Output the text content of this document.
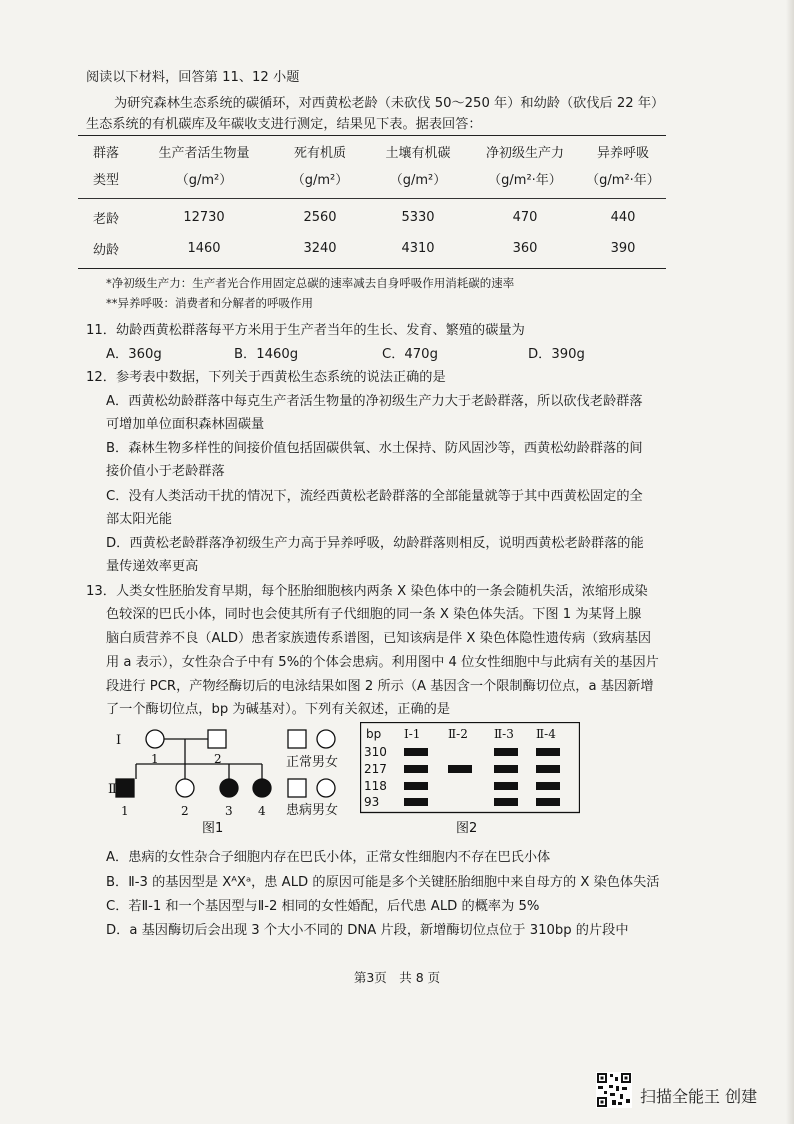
阅读以下材料，回答第 11、12 小题
为研究森林生态系统的碳循环，对西黄松老龄（未砍伐 50～250 年）和幼龄（砍伐后 22 年）
生态系统的有机碳库及年碳收支进行测定，结果见下表。据表回答：
群落	生产者活生物量	死有机质	土壤有机碳	净初级生产力	异养呼吸
类型	（g/m²）	（g/m²）	（g/m²）	（g/m²·年）	（g/m²·年）
老龄	12730	2560	5330	470	440
幼龄	1460	3240	4310	360	390
*净初级生产力：生产者光合作用固定总碳的速率减去自身呼吸作用消耗碳的速率
**异养呼吸：消费者和分解者的呼吸作用
11．幼龄西黄松群落每平方米用于生产者当年的生长、发育、繁殖的碳量为
A．360g	B．1460g	C．470g	D．390g
12．参考表中数据，下列关于西黄松生态系统的说法正确的是
A．西黄松幼龄群落中每克生产者活生物量的净初级生产力大于老龄群落，所以砍伐老龄群落
可增加单位面积森林固碳量
B．森林生物多样性的间接价值包括固碳供氧、水土保持、防风固沙等，西黄松幼龄群落的间
接价值小于老龄群落
C．没有人类活动干扰的情况下，流经西黄松老龄群落的全部能量就等于其中西黄松固定的全
部太阳光能
D．西黄松老龄群落净初级生产力高于异养呼吸，幼龄群落则相反，说明西黄松老龄群落的能
量传递效率更高
13．人类女性胚胎发育早期，每个胚胎细胞核内两条 X 染色体中的一条会随机失活，浓缩形成染
色较深的巴氏小体，同时也会使其所有子代细胞的同一条 X 染色体失活。下图 1 为某肾上腺
脑白质营养不良（ALD）患者家族遗传系谱图，已知该病是伴 X 染色体隐性遗传病（致病基因
用 a 表示），女性杂合子中有 5%的个体会患病。利用图中 4 位女性细胞中与此病有关的基因片
段进行 PCR，产物经酶切后的电泳结果如图 2 所示（A 基因含一个限制酶切位点，a 基因新增
了一个酶切位点，bp 为碱基对）。下列有关叙述，正确的是
Ⅰ
Ⅱ
1	2
1	2	3 4
正常男女
患病男女
图1
bp Ⅰ-1 Ⅱ-2 Ⅱ-3 Ⅱ-4
310
217
118
93
图2
A．患病的女性杂合子细胞内存在巴氏小体，正常女性细胞内不存在巴氏小体
B．Ⅱ-3 的基因型是 XᴬXᵃ，患 ALD 的原因可能是多个关键胚胎细胞中来自母方的 X 染色体失活
C．若Ⅱ-1 和一个基因型与Ⅱ-2 相同的女性婚配，后代患 ALD 的概率为 5%
D．a 基因酶切后会出现 3 个大小不同的 DNA 片段，新增酶切位点位于 310bp 的片段中
第3页　共 8 页
扫描全能王 创建
